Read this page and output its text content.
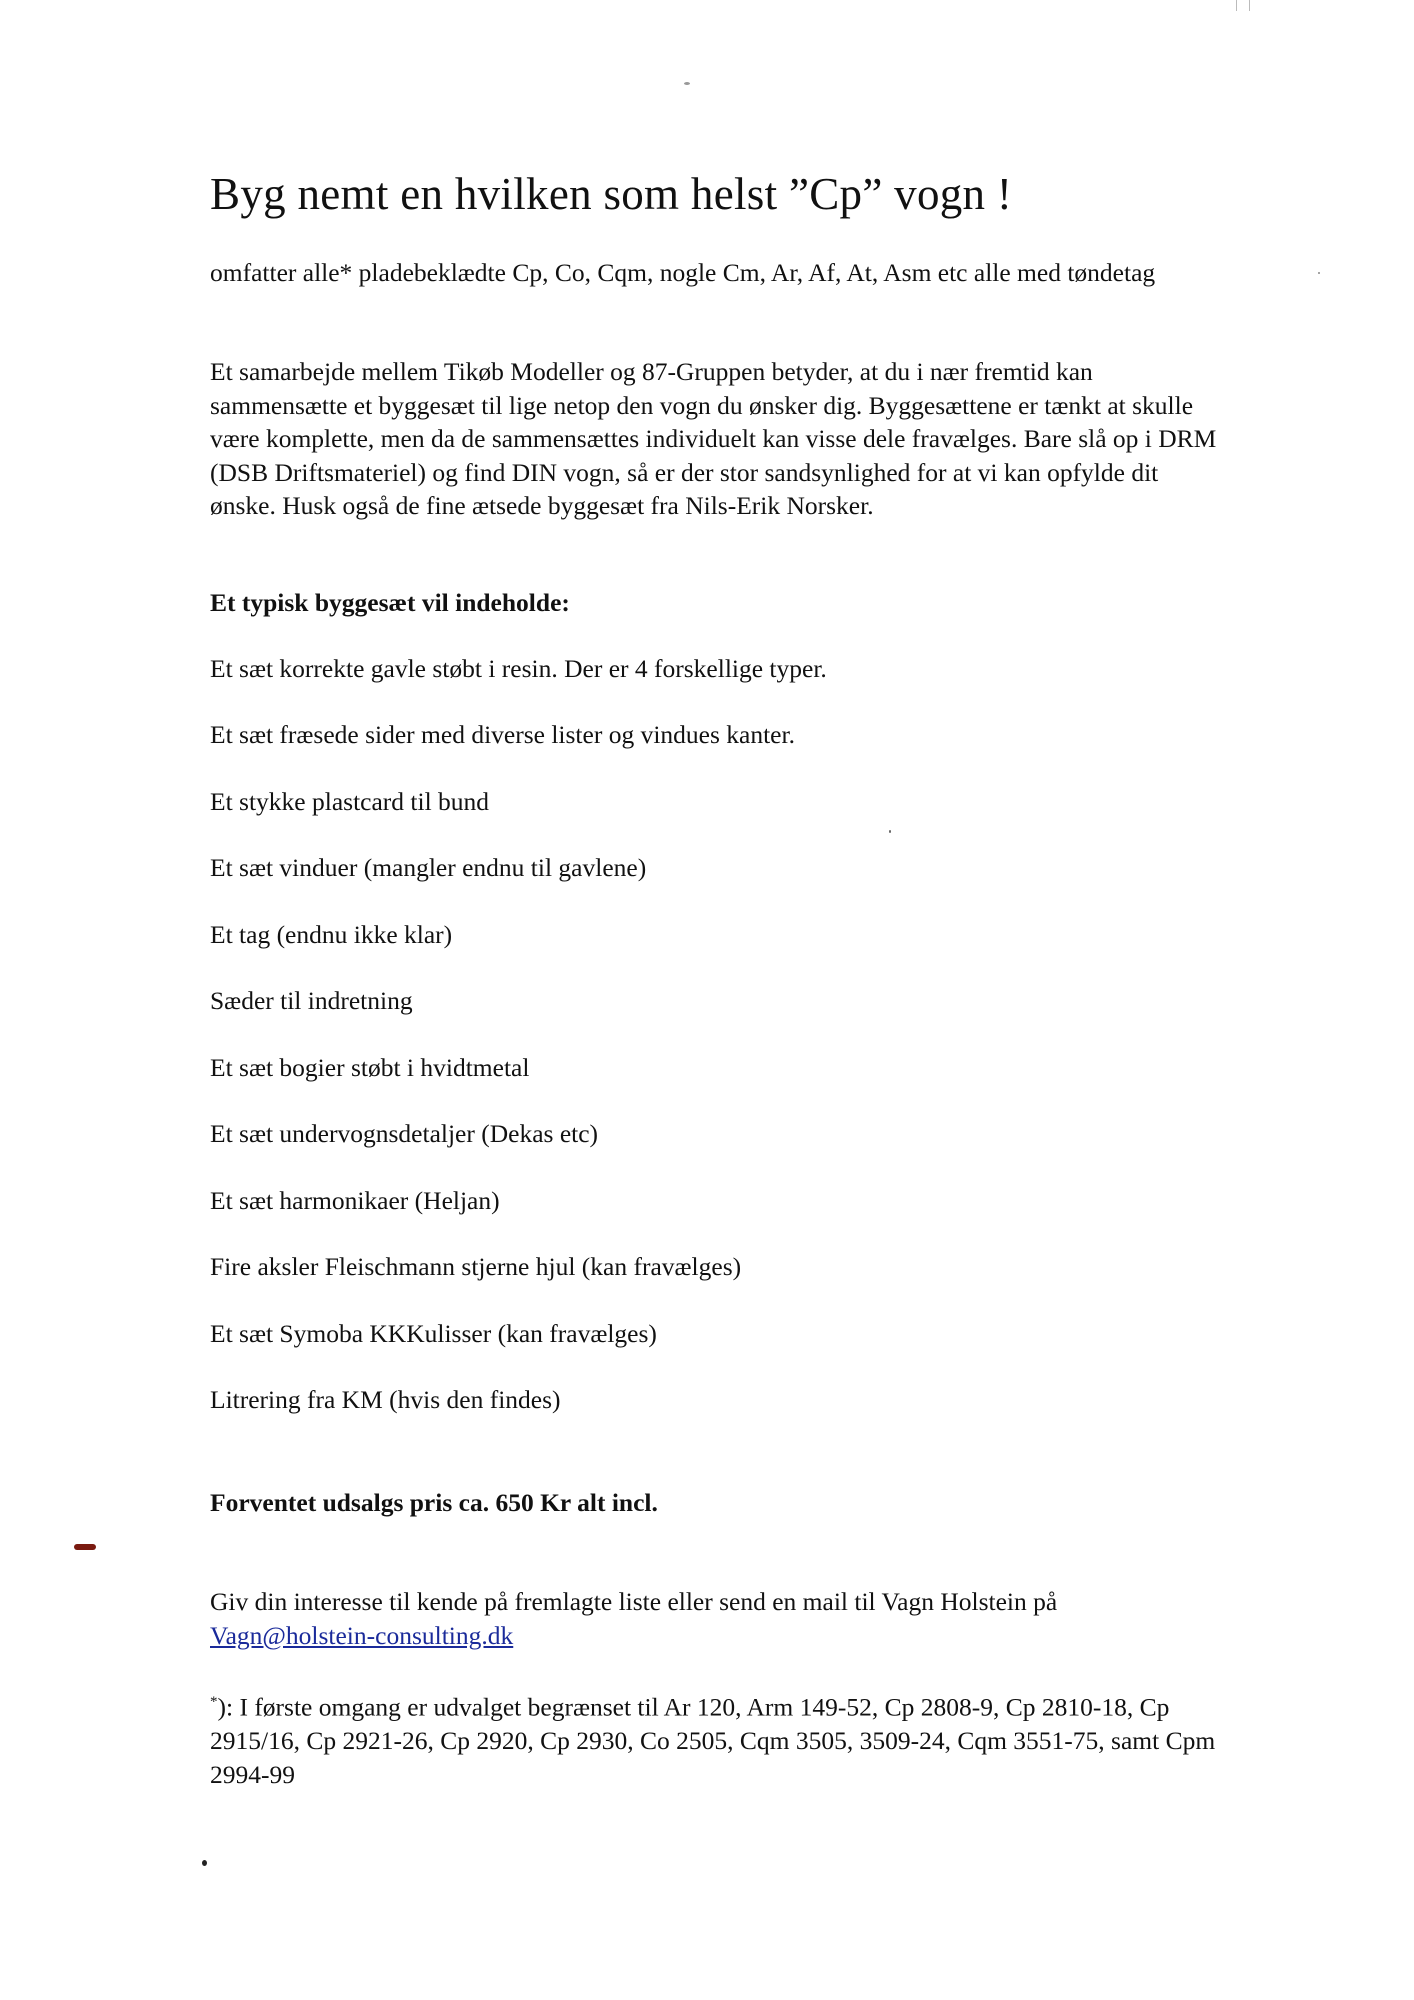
Byg nemt en hvilken som helst ”Cp” vogn !

omfatter alle* pladebeklædte Cp, Co, Cqm, nogle Cm, Ar, Af, At, Asm etc alle med tøndetag

Et samarbejde mellem Tikøb Modeller og 87-Gruppen betyder, at du i nær fremtid kan sammensætte et byggesæt til lige netop den vogn du ønsker dig. Byggesættene er tænkt at skulle være komplette, men da de sammensættes individuelt kan visse dele fravælges. Bare slå op i DRM (DSB Driftsmateriel) og find DIN vogn, så er der stor sandsynlighed for at vi kan opfylde dit ønske. Husk også de fine ætsede byggesæt fra Nils-Erik Norsker.

Et typisk byggesæt vil indeholde:
Et sæt korrekte gavle støbt i resin. Der er 4 forskellige typer.
Et sæt fræsede sider med diverse lister og vindues kanter.
Et stykke plastcard til bund
Et sæt vinduer (mangler endnu til gavlene)
Et tag (endnu ikke klar)
Sæder til indretning
Et sæt bogier støbt i hvidtmetal
Et sæt undervognsdetaljer (Dekas etc)
Et sæt harmonikaer (Heljan)
Fire aksler Fleischmann stjerne hjul (kan fravælges)
Et sæt Symoba KKKulisser (kan fravælges)
Litrering fra KM (hvis den findes)
Forventet udsalgs pris ca. 650 Kr alt incl.

Giv din interesse til kende på fremlagte liste eller send en mail til Vagn Holstein på
Vagn@holstein-consulting.dk

*): I første omgang er udvalget begrænset til Ar 120, Arm 149-52, Cp 2808-9, Cp 2810-18, Cp 2915/16, Cp 2921-26, Cp 2920, Cp 2930, Co 2505, Cqm 3505, 3509-24, Cqm 3551-75, samt Cpm 2994-99
